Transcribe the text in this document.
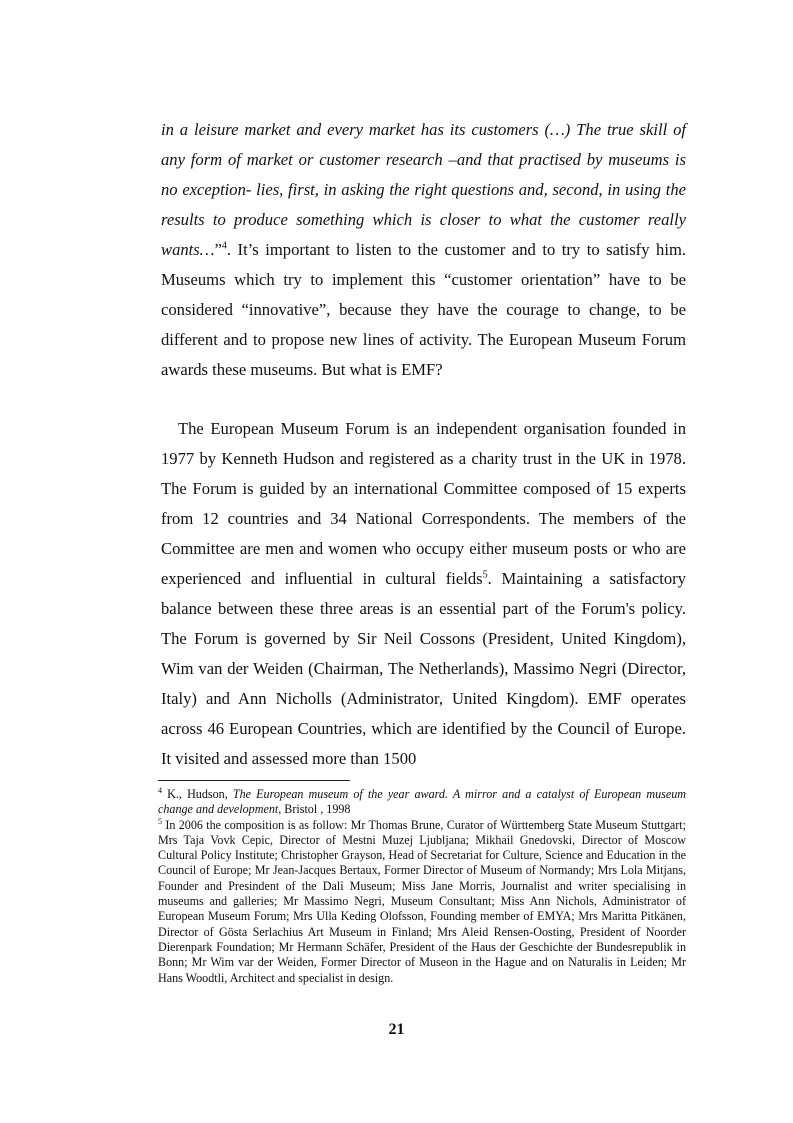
in a leisure market and every market has its customers (…) The true skill of any form of market or customer research –and that practised by museums is no exception- lies, first, in asking the right questions and, second, in using the results to produce something which is closer to what the customer really wants…”$^4$. It’s important to listen to the customer and to try to satisfy him. Museums which try to implement this “customer orientation” have to be considered “innovative”, because they have the courage to change, to be different and to propose new lines of activity. The European Museum Forum awards these museums. But what is EMF?

The European Museum Forum is an independent organisation founded in 1977 by Kenneth Hudson and registered as a charity trust in the UK in 1978. The Forum is guided by an international Committee composed of 15 experts from 12 countries and 34 National Correspondents. The members of the Committee are men and women who occupy either museum posts or who are experienced and influential in cultural fields$^5$. Maintaining a satisfactory balance between these three areas is an essential part of the Forum's policy. The Forum is governed by Sir Neil Cossons (President, United Kingdom), Wim van der Weiden (Chairman, The Netherlands), Massimo Negri (Director, Italy) and Ann Nicholls (Administrator, United Kingdom). EMF operates across 46 European Countries, which are identified by the Council of Europe. It visited and assessed more than 1500

$^4$ K., Hudson, The European museum of the year award. A mirror and a catalyst of European museum change and development, Bristol , 1998

$^5$ In 2006 the composition is as follow: Mr Thomas Brune, Curator of Württemberg State Museum Stuttgart; Mrs Taja Vovk Cepic, Director of Mestni Muzej Ljubljana; Mikhail Gnedovski, Director of Moscow Cultural Policy Institute; Christopher Grayson, Head of Secretariat for Culture, Science and Education in the Council of Europe; Mr Jean-Jacques Bertaux, Former Director of Museum of Normandy; Mrs Lola Mitjans, Founder and Presindent of the Dalì Museum; Miss Jane Morris, Journalist and writer specialising in museums and galleries; Mr Massimo Negri, Museum Consultant; Miss Ann Nichols, Administrator of European Museum Forum; Mrs Ulla Keding Olofsson, Founding member of EMYA; Mrs Maritta Pitkänen, Director of Gösta Serlachius Art Museum in Finland; Mrs Aleid Rensen-Oosting, President of Noorder Dierenpark Foundation; Mr Hermann Schäfer, President of the Haus der Geschichte der Bundesrepublik in Bonn; Mr Wim var der Weiden, Former Director of Museon in the Hague and on Naturalis in Leiden; Mr Hans Woodtli, Architect and specialist in design.

21
